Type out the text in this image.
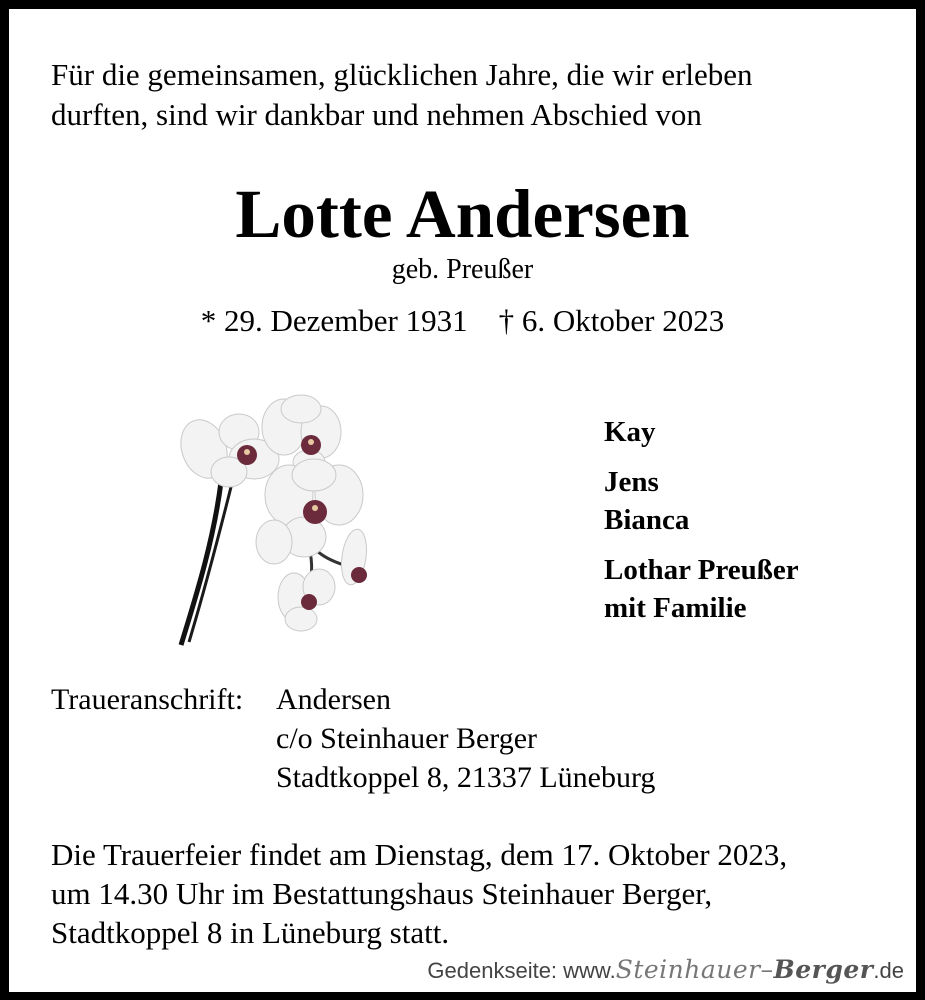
Für die gemeinsamen, glücklichen Jahre, die wir erleben
durften, sind wir dankbar und nehmen Abschied von

Lotte Andersen
geb. Preußer
* 29. Dezember 1931 † 6. Oktober 2023
Kay
Jens
Bianca
Lothar Preußer
mit Familie
Traueranschrift: Andersen
c/o Steinhauer Berger
Stadtkoppel 8, 21337 Lüneburg
Die Trauerfeier findet am Dienstag, dem 17. Oktober 2023,
um 14.30 Uhr im Bestattungshaus Steinhauer Berger,
Stadtkoppel 8 in Lüneburg statt.
Gedenkseite: www.Steinhauer–Berger.de
